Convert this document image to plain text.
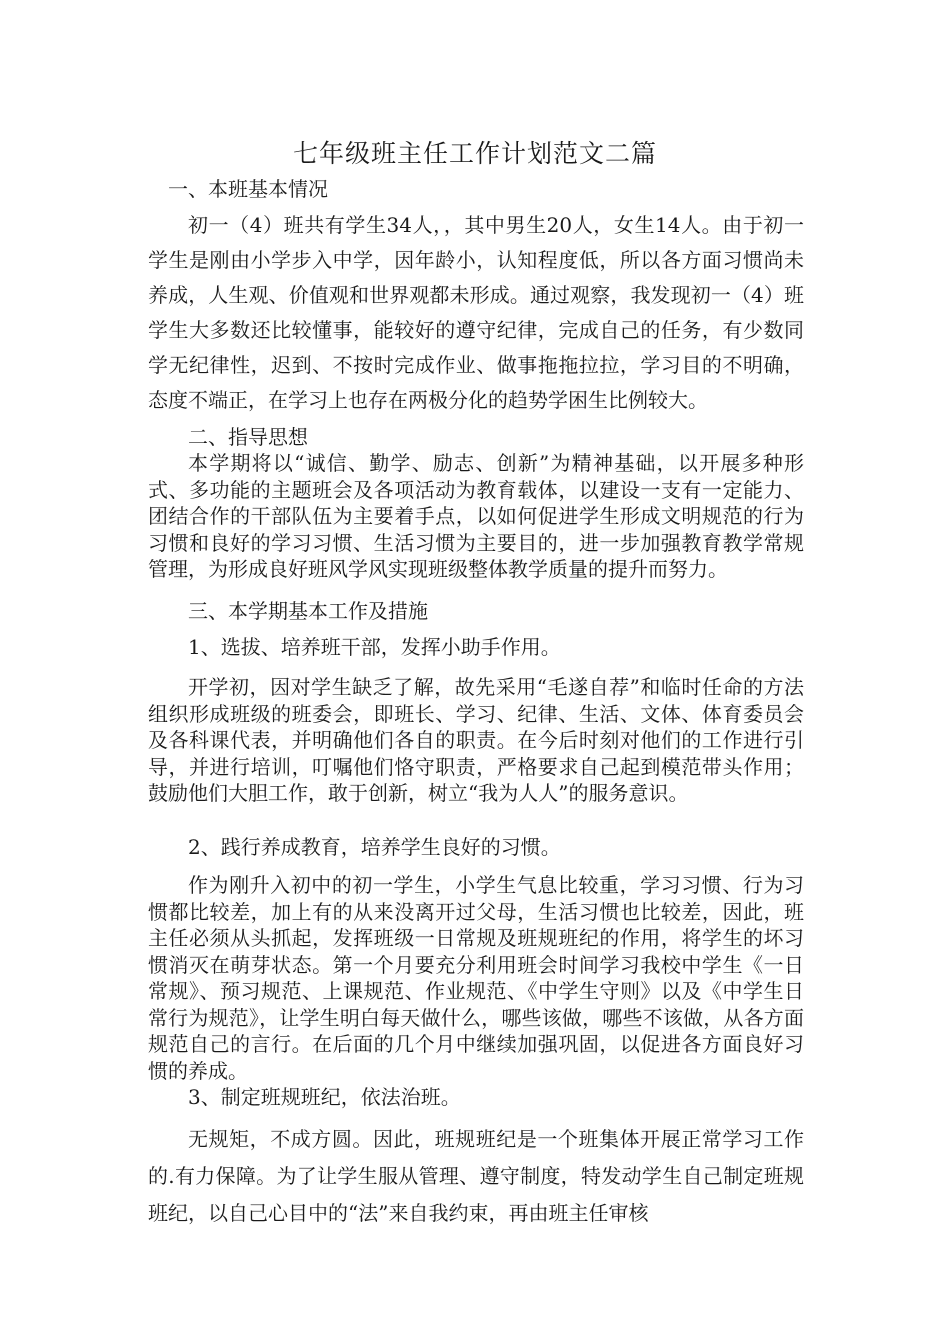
七年级班主任工作计划范文二篇
一、本班基本情况
初一（4）班共有学生34人，，其中男生20人，女生14人。由于初一学生是刚由小学步入中学，因年龄小，认知程度低，所以各方面习惯尚未养成，人生观、价值观和世界观都未形成。通过观察，我发现初一（4）班学生大多数还比较懂事，能较好的遵守纪律，完成自己的任务，有少数同学无纪律性，迟到、不按时完成作业、做事拖拖拉拉，学习目的不明确，态度不端正，在学习上也存在两极分化的趋势学困生比例较大。
二、指导思想
本学期将以“诚信、勤学、励志、创新”为精神基础，以开展多种形式、多功能的主题班会及各项活动为教育载体，以建设一支有一定能力、团结合作的干部队伍为主要着手点，以如何促进学生形成文明规范的行为习惯和良好的学习习惯、生活习惯为主要目的，进一步加强教育教学常规管理，为形成良好班风学风实现班级整体教学质量的提升而努力。
三、本学期基本工作及措施
1、选拔、培养班干部，发挥小助手作用。
开学初，因对学生缺乏了解，故先采用“毛遂自荐”和临时任命的方法组织形成班级的班委会，即班长、学习、纪律、生活、文体、体育委员会及各科课代表，并明确他们各自的职责。在今后时刻对他们的工作进行引导，并进行培训，叮嘱他们恪守职责，严格要求自己起到模范带头作用；鼓励他们大胆工作，敢于创新，树立“我为人人”的服务意识。
2、践行养成教育，培养学生良好的习惯。
作为刚升入初中的初一学生，小学生气息比较重，学习习惯、行为习惯都比较差，加上有的从来没离开过父母，生活习惯也比较差，因此，班主任必须从头抓起，发挥班级一日常规及班规班纪的作用，将学生的坏习惯消灭在萌芽状态。第一个月要充分利用班会时间学习我校中学生《一日常规》、预习规范、上课规范、作业规范、《中学生守则》以及《中学生日常行为规范》，让学生明白每天做什么，哪些该做，哪些不该做，从各方面规范自己的言行。在后面的几个月中继续加强巩固，以促进各方面良好习惯的养成。
3、制定班规班纪，依法治班。
无规矩，不成方圆。因此，班规班纪是一个班集体开展正常学习工作的.有力保障。为了让学生服从管理、遵守制度，特发动学生自己制定班规班纪，以自己心目中的“法”来自我约束，再由班主任审核
